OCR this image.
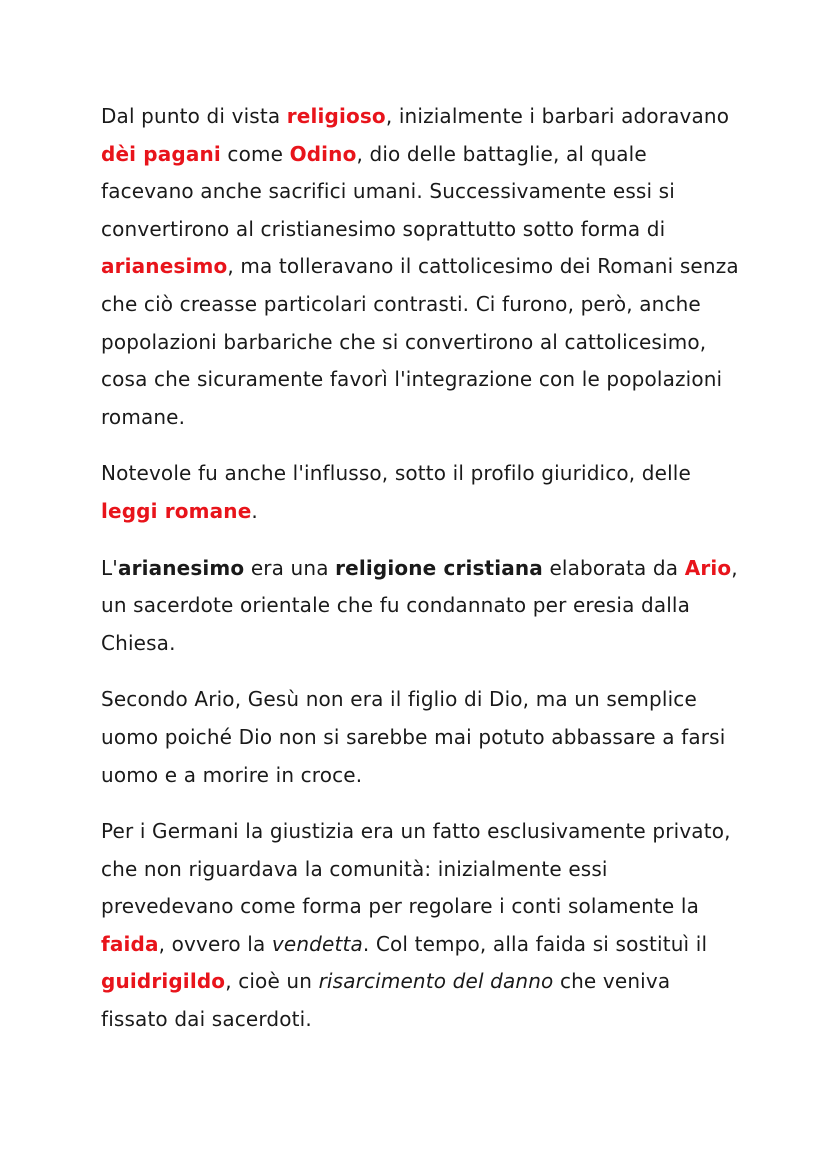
Dal punto di vista religioso, inizialmente i barbari adoravano dèi pagani come Odino, dio delle battaglie, al quale facevano anche sacrifici umani. Successivamente essi si convertirono al cristianesimo soprattutto sotto forma di arianesimo, ma tolleravano il cattolicesimo dei Romani senza che ciò creasse particolari contrasti. Ci furono, però, anche popolazioni barbariche che si convertirono al cattolicesimo, cosa che sicuramente favorì l'integrazione con le popolazioni romane.

Notevole fu anche l'influsso, sotto il profilo giuridico, delle leggi romane.

L'arianesimo era una religione cristiana elaborata da Ario, un sacerdote orientale che fu condannato per eresia dalla Chiesa.

Secondo Ario, Gesù non era il figlio di Dio, ma un semplice uomo poiché Dio non si sarebbe mai potuto abbassare a farsi uomo e a morire in croce.

Per i Germani la giustizia era un fatto esclusivamente privato, che non riguardava la comunità: inizialmente essi prevedevano come forma per regolare i conti solamente la faida, ovvero la vendetta. Col tempo, alla faida si sostituì il guidrigildo, cioè un risarcimento del danno che veniva fissato dai sacerdoti.
